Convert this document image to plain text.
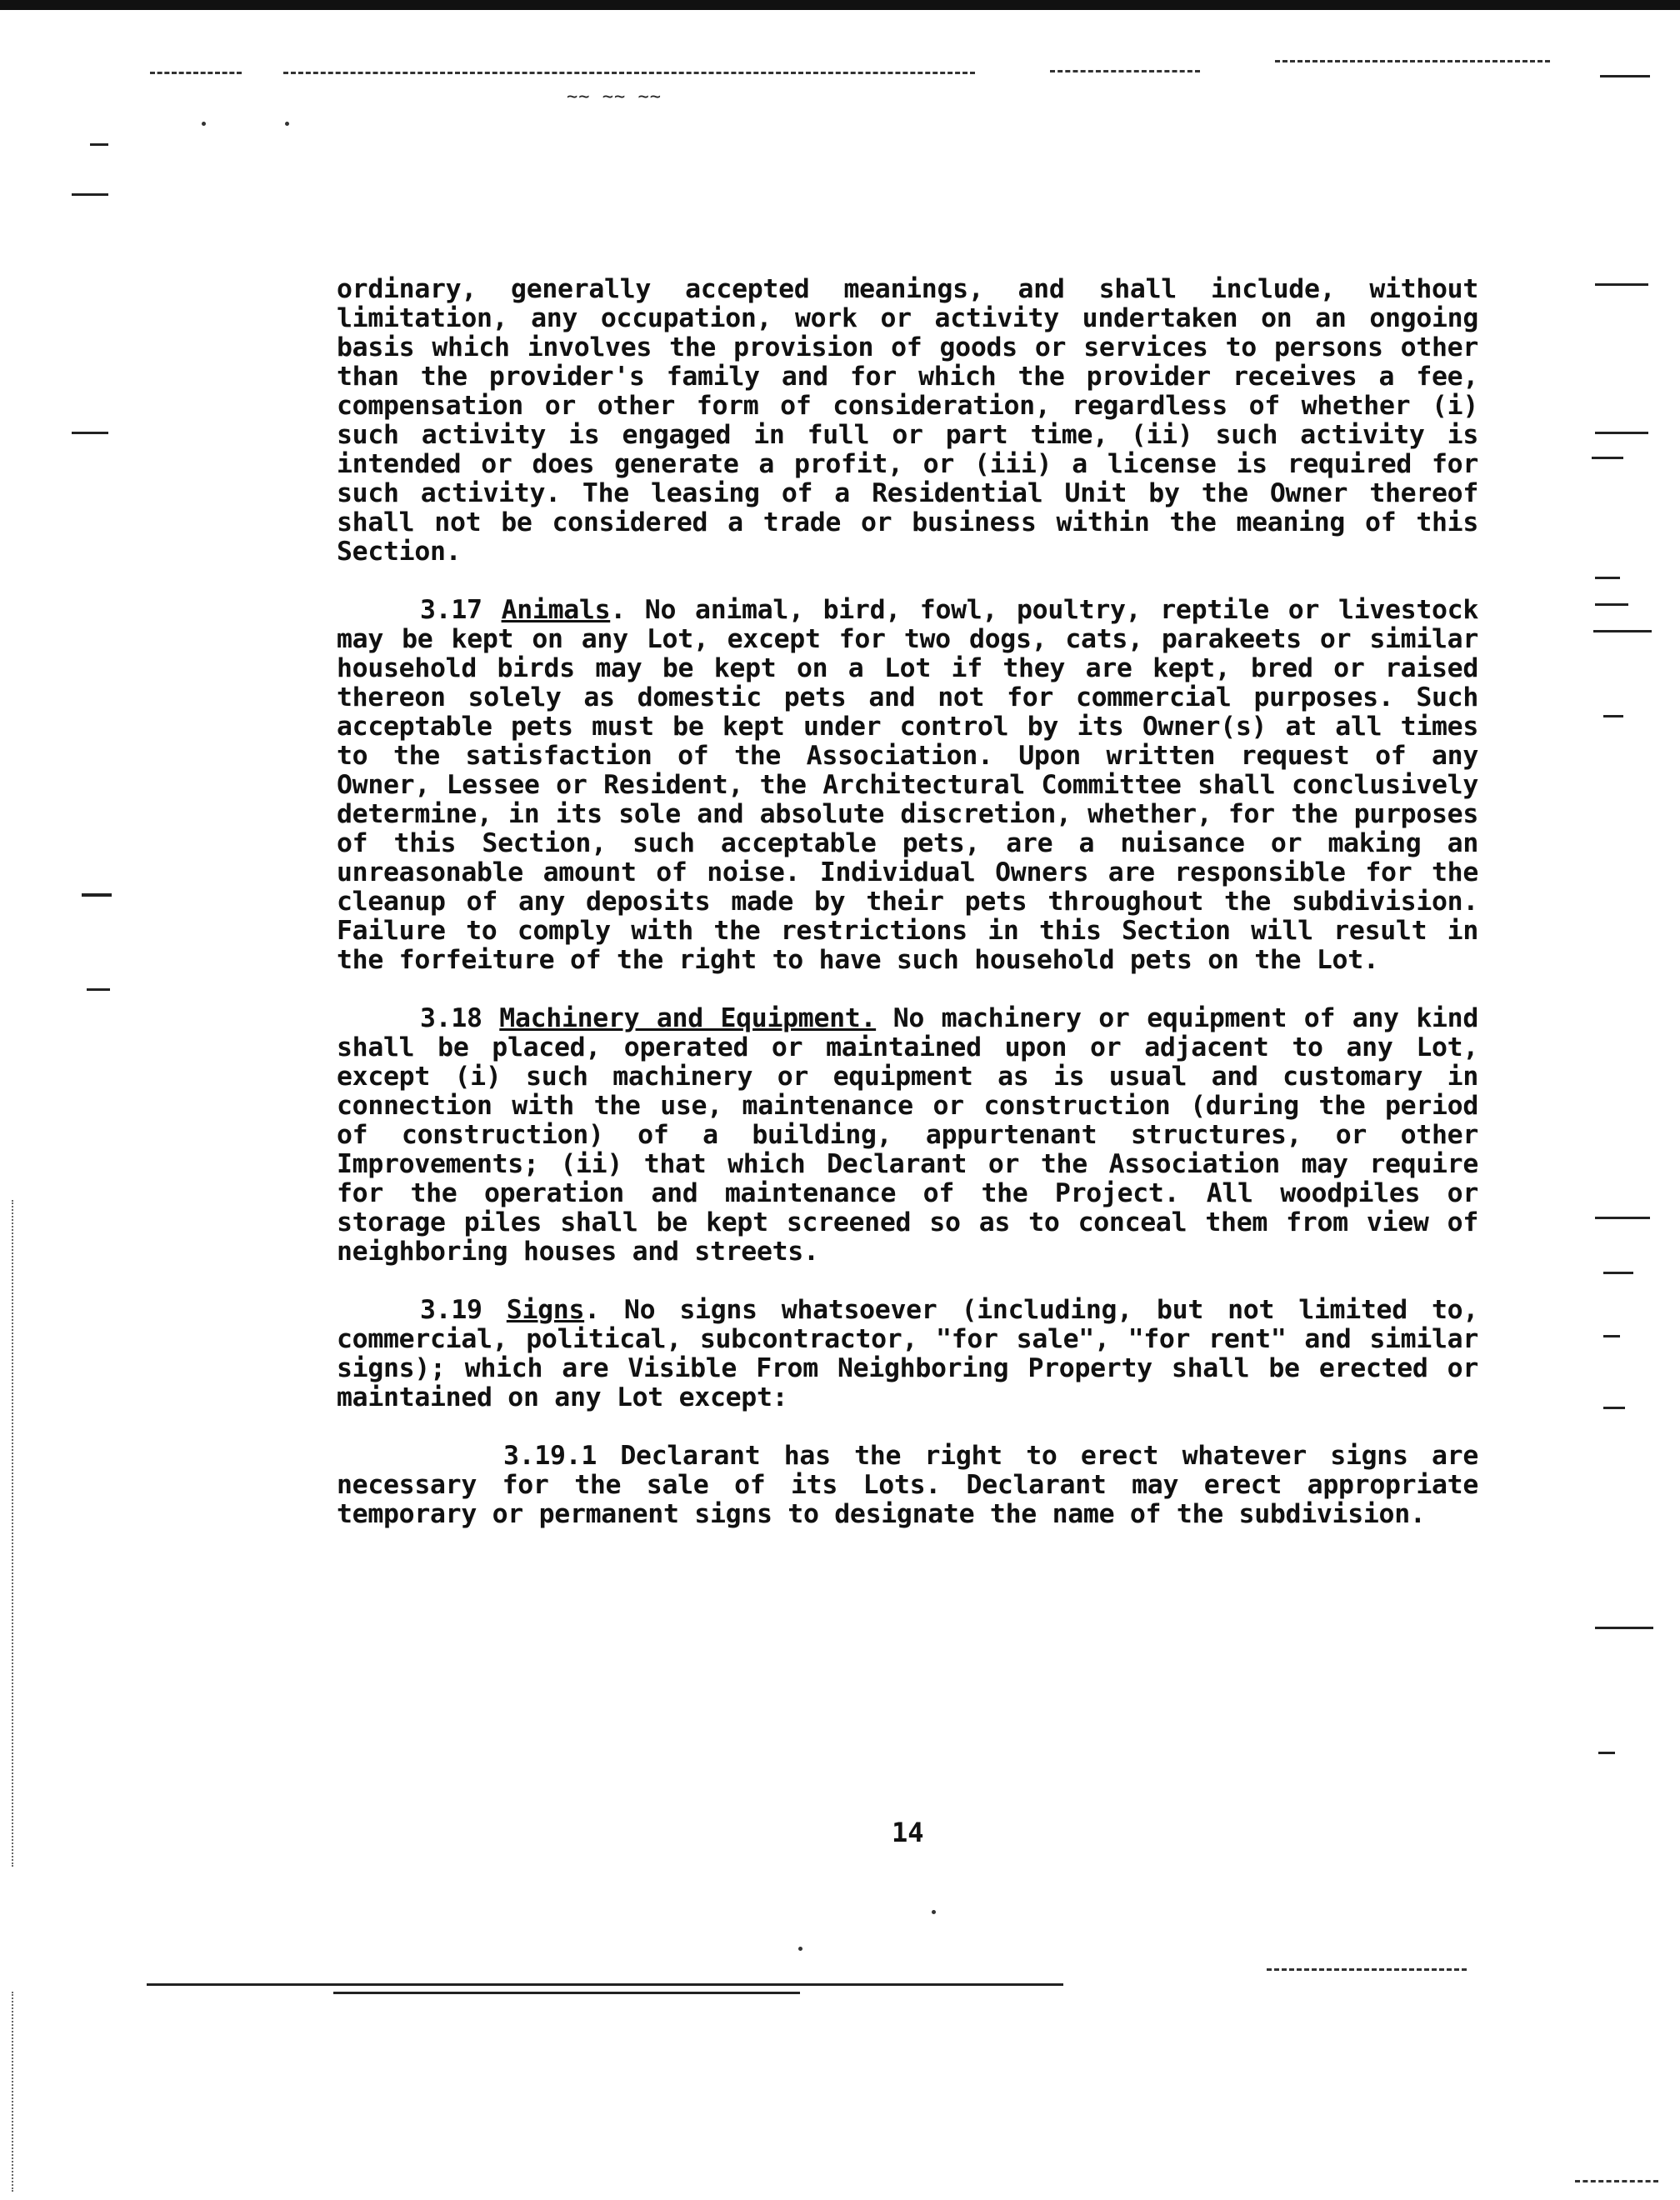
~~ ~~ ~~

ordinary, generally accepted meanings, and shall include, without limitation, any occupation, work or activity undertaken on an ongoing basis which involves the provision of goods or services to persons other than the provider's family and for which the provider receives a fee, compensation or other form of consideration, regardless of whether (i) such activity is engaged in full or part time, (ii) such activity is intended or does generate a profit, or (iii) a license is required for such activity. The leasing of a Residential Unit by the Owner thereof shall not be considered a trade or business within the meaning of this Section.

3.17 Animals. No animal, bird, fowl, poultry, reptile or livestock may be kept on any Lot, except for two dogs, cats, parakeets or similar household birds may be kept on a Lot if they are kept, bred or raised thereon solely as domestic pets and not for commercial purposes. Such acceptable pets must be kept under control by its Owner(s) at all times to the satisfaction of the Association. Upon written request of any Owner, Lessee or Resident, the Architectural Committee shall conclusively determine, in its sole and absolute discretion, whether, for the purposes of this Section, such acceptable pets, are a nuisance or making an unreasonable amount of noise. Individual Owners are responsible for the cleanup of any deposits made by their pets throughout the subdivision. Failure to comply with the restrictions in this Section will result in the forfeiture of the right to have such household pets on the Lot.

3.18 Machinery and Equipment. No machinery or equipment of any kind shall be placed, operated or maintained upon or adjacent to any Lot, except (i) such machinery or equipment as is usual and customary in connection with the use, maintenance or construction (during the period of construction) of a building, appurtenant structures, or other Improvements; (ii) that which Declarant or the Association may require for the operation and maintenance of the Project. All woodpiles or storage piles shall be kept screened so as to conceal them from view of neighboring houses and streets.

3.19 Signs. No signs whatsoever (including, but not limited to, commercial, political, subcontractor, "for sale", "for rent" and similar signs); which are Visible From Neighboring Property shall be erected or maintained on any Lot except:

3.19.1 Declarant has the right to erect whatever signs are necessary for the sale of its Lots. Declarant may erect appropriate temporary or permanent signs to designate the name of the subdivision.

14
